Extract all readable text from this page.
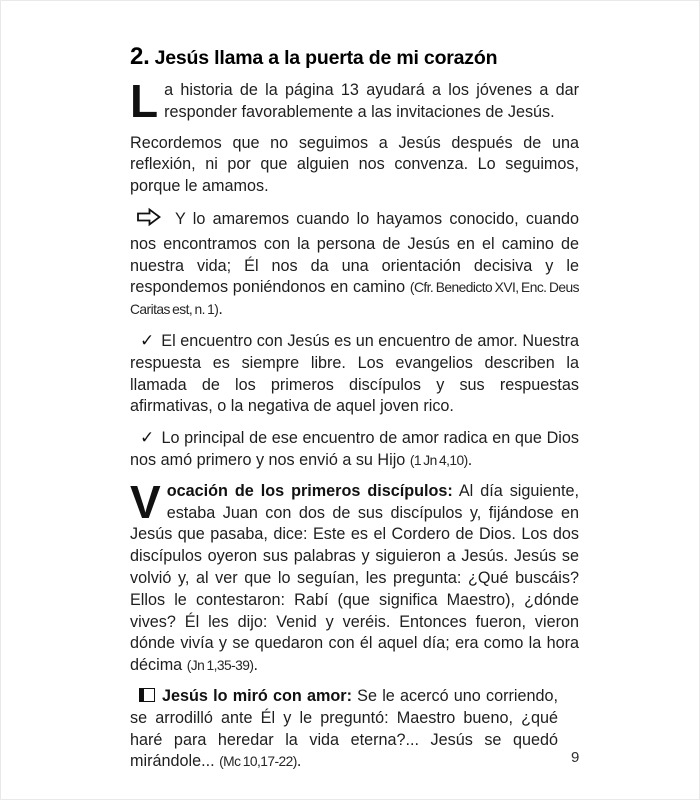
2. Jesús llama a la puerta de mi corazón

La historia de la página 13 ayudará a los jóvenes a dar responder favorablemente a las invitaciones de Jesús.

Recordemos que no seguimos a Jesús después de una reflexión, ni por que alguien nos convenza. Lo seguimos, porque le amamos.

Y lo amaremos cuando lo hayamos conocido, cuando nos encontramos con la persona de Jesús en el camino de nuestra vida; Él nos da una orientación decisiva y le respondemos poniéndonos en camino (Cfr. Benedicto XVI, Enc. Deus Caritas est, n. 1).

✓ El encuentro con Jesús es un encuentro de amor. Nuestra respuesta es siempre libre. Los evangelios describen la llamada de los primeros discípulos y sus respuestas afirmativas, o la negativa de aquel joven rico.

✓ Lo principal de ese encuentro de amor radica en que Dios nos amó primero y nos envió a su Hijo (1 Jn 4,10).

Vocación de los primeros discípulos: Al día siguiente, estaba Juan con dos de sus discípulos y, fijándose en Jesús que pasaba, dice: Este es el Cordero de Dios. Los dos discípulos oyeron sus palabras y siguieron a Jesús. Jesús se volvió y, al ver que lo seguían, les pregunta: ¿Qué buscáis? Ellos le contestaron: Rabí (que significa Maestro), ¿dónde vives? Él les dijo: Venid y veréis. Entonces fueron, vieron dónde vivía y se quedaron con él aquel día; era como la hora décima (Jn 1,35-39).

Jesús lo miró con amor: Se le acercó uno corriendo, se arrodilló ante Él y le preguntó: Maestro bueno, ¿qué haré para heredar la vida eterna?... Jesús se quedó mirándole... (Mc 10,17-22).	9
